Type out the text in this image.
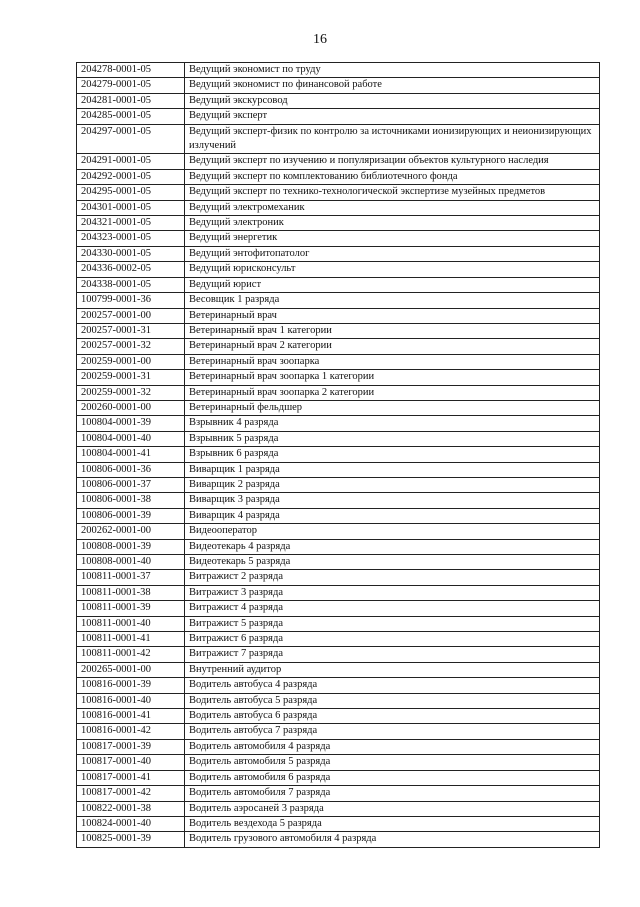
16
204278-0001-05	Ведущий экономист по труду
204279-0001-05	Ведущий экономист по финансовой работе
204281-0001-05	Ведущий экскурсовод
204285-0001-05	Ведущий эксперт
204297-0001-05	Ведущий эксперт-физик по контролю за источниками ионизирующих и неионизирующих излучений
204291-0001-05	Ведущий эксперт по изучению и популяризации объектов культурного наследия
204292-0001-05	Ведущий эксперт по комплектованию библиотечного фонда
204295-0001-05	Ведущий эксперт по технико-технологической экспертизе музейных предметов
204301-0001-05	Ведущий электромеханик
204321-0001-05	Ведущий электроник
204323-0001-05	Ведущий энергетик
204330-0001-05	Ведущий энтофитопатолог
204336-0002-05	Ведущий юрисконсульт
204338-0001-05	Ведущий юрист
100799-0001-36	Весовщик 1 разряда
200257-0001-00	Ветеринарный врач
200257-0001-31	Ветеринарный врач 1 категории
200257-0001-32	Ветеринарный врач 2 категории
200259-0001-00	Ветеринарный врач зоопарка
200259-0001-31	Ветеринарный врач зоопарка 1 категории
200259-0001-32	Ветеринарный врач зоопарка 2 категории
200260-0001-00	Ветеринарный фельдшер
100804-0001-39	Взрывник 4 разряда
100804-0001-40	Взрывник 5 разряда
100804-0001-41	Взрывник 6 разряда
100806-0001-36	Виварщик 1 разряда
100806-0001-37	Виварщик 2 разряда
100806-0001-38	Виварщик 3 разряда
100806-0001-39	Виварщик 4 разряда
200262-0001-00	Видеооператор
100808-0001-39	Видеотекарь 4 разряда
100808-0001-40	Видеотекарь 5 разряда
100811-0001-37	Витражист 2 разряда
100811-0001-38	Витражист 3 разряда
100811-0001-39	Витражист 4 разряда
100811-0001-40	Витражист 5 разряда
100811-0001-41	Витражист 6 разряда
100811-0001-42	Витражист 7 разряда
200265-0001-00	Внутренний аудитор
100816-0001-39	Водитель автобуса 4 разряда
100816-0001-40	Водитель автобуса 5 разряда
100816-0001-41	Водитель автобуса 6 разряда
100816-0001-42	Водитель автобуса 7 разряда
100817-0001-39	Водитель автомобиля 4 разряда
100817-0001-40	Водитель автомобиля 5 разряда
100817-0001-41	Водитель автомобиля 6 разряда
100817-0001-42	Водитель автомобиля 7 разряда
100822-0001-38	Водитель аэросаней 3 разряда
100824-0001-40	Водитель вездехода 5 разряда
100825-0001-39	Водитель грузового автомобиля 4 разряда
